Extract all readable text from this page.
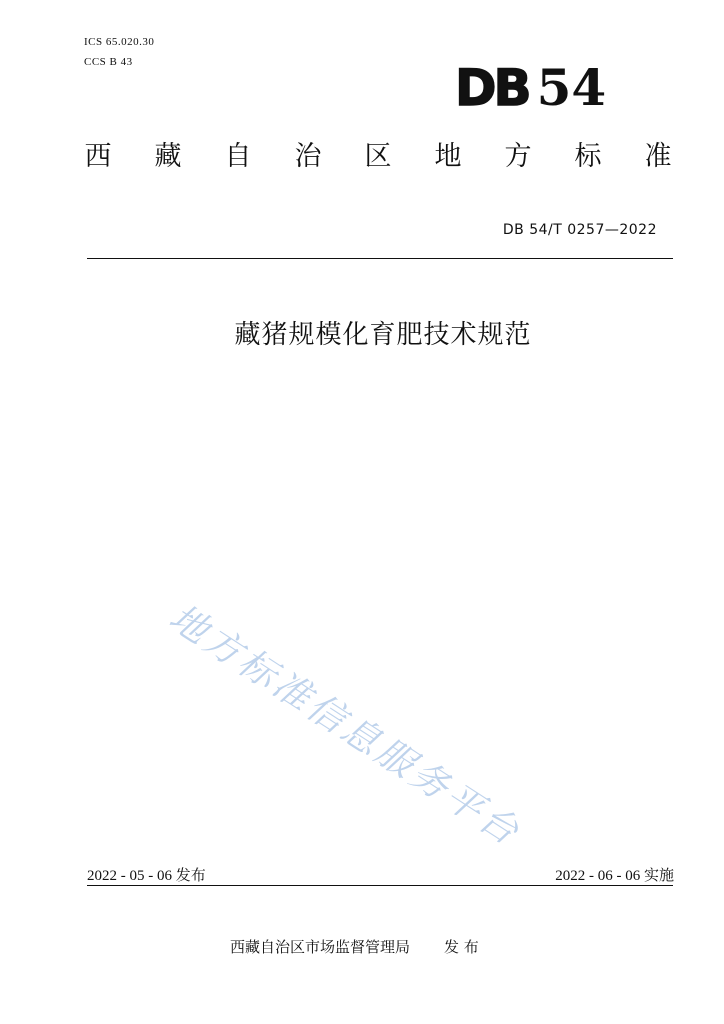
ICS 65.020.30
CCS B 43	DB 54
西 藏 自 治 区 地 方 标 准
DB 54/T 0257—2022
藏猪规模化育肥技术规范
地方标准信息服务平台
2022 - 05 - 06 发布	2022 - 06 - 06 实施
西藏自治区市场监督管理局 发 布
